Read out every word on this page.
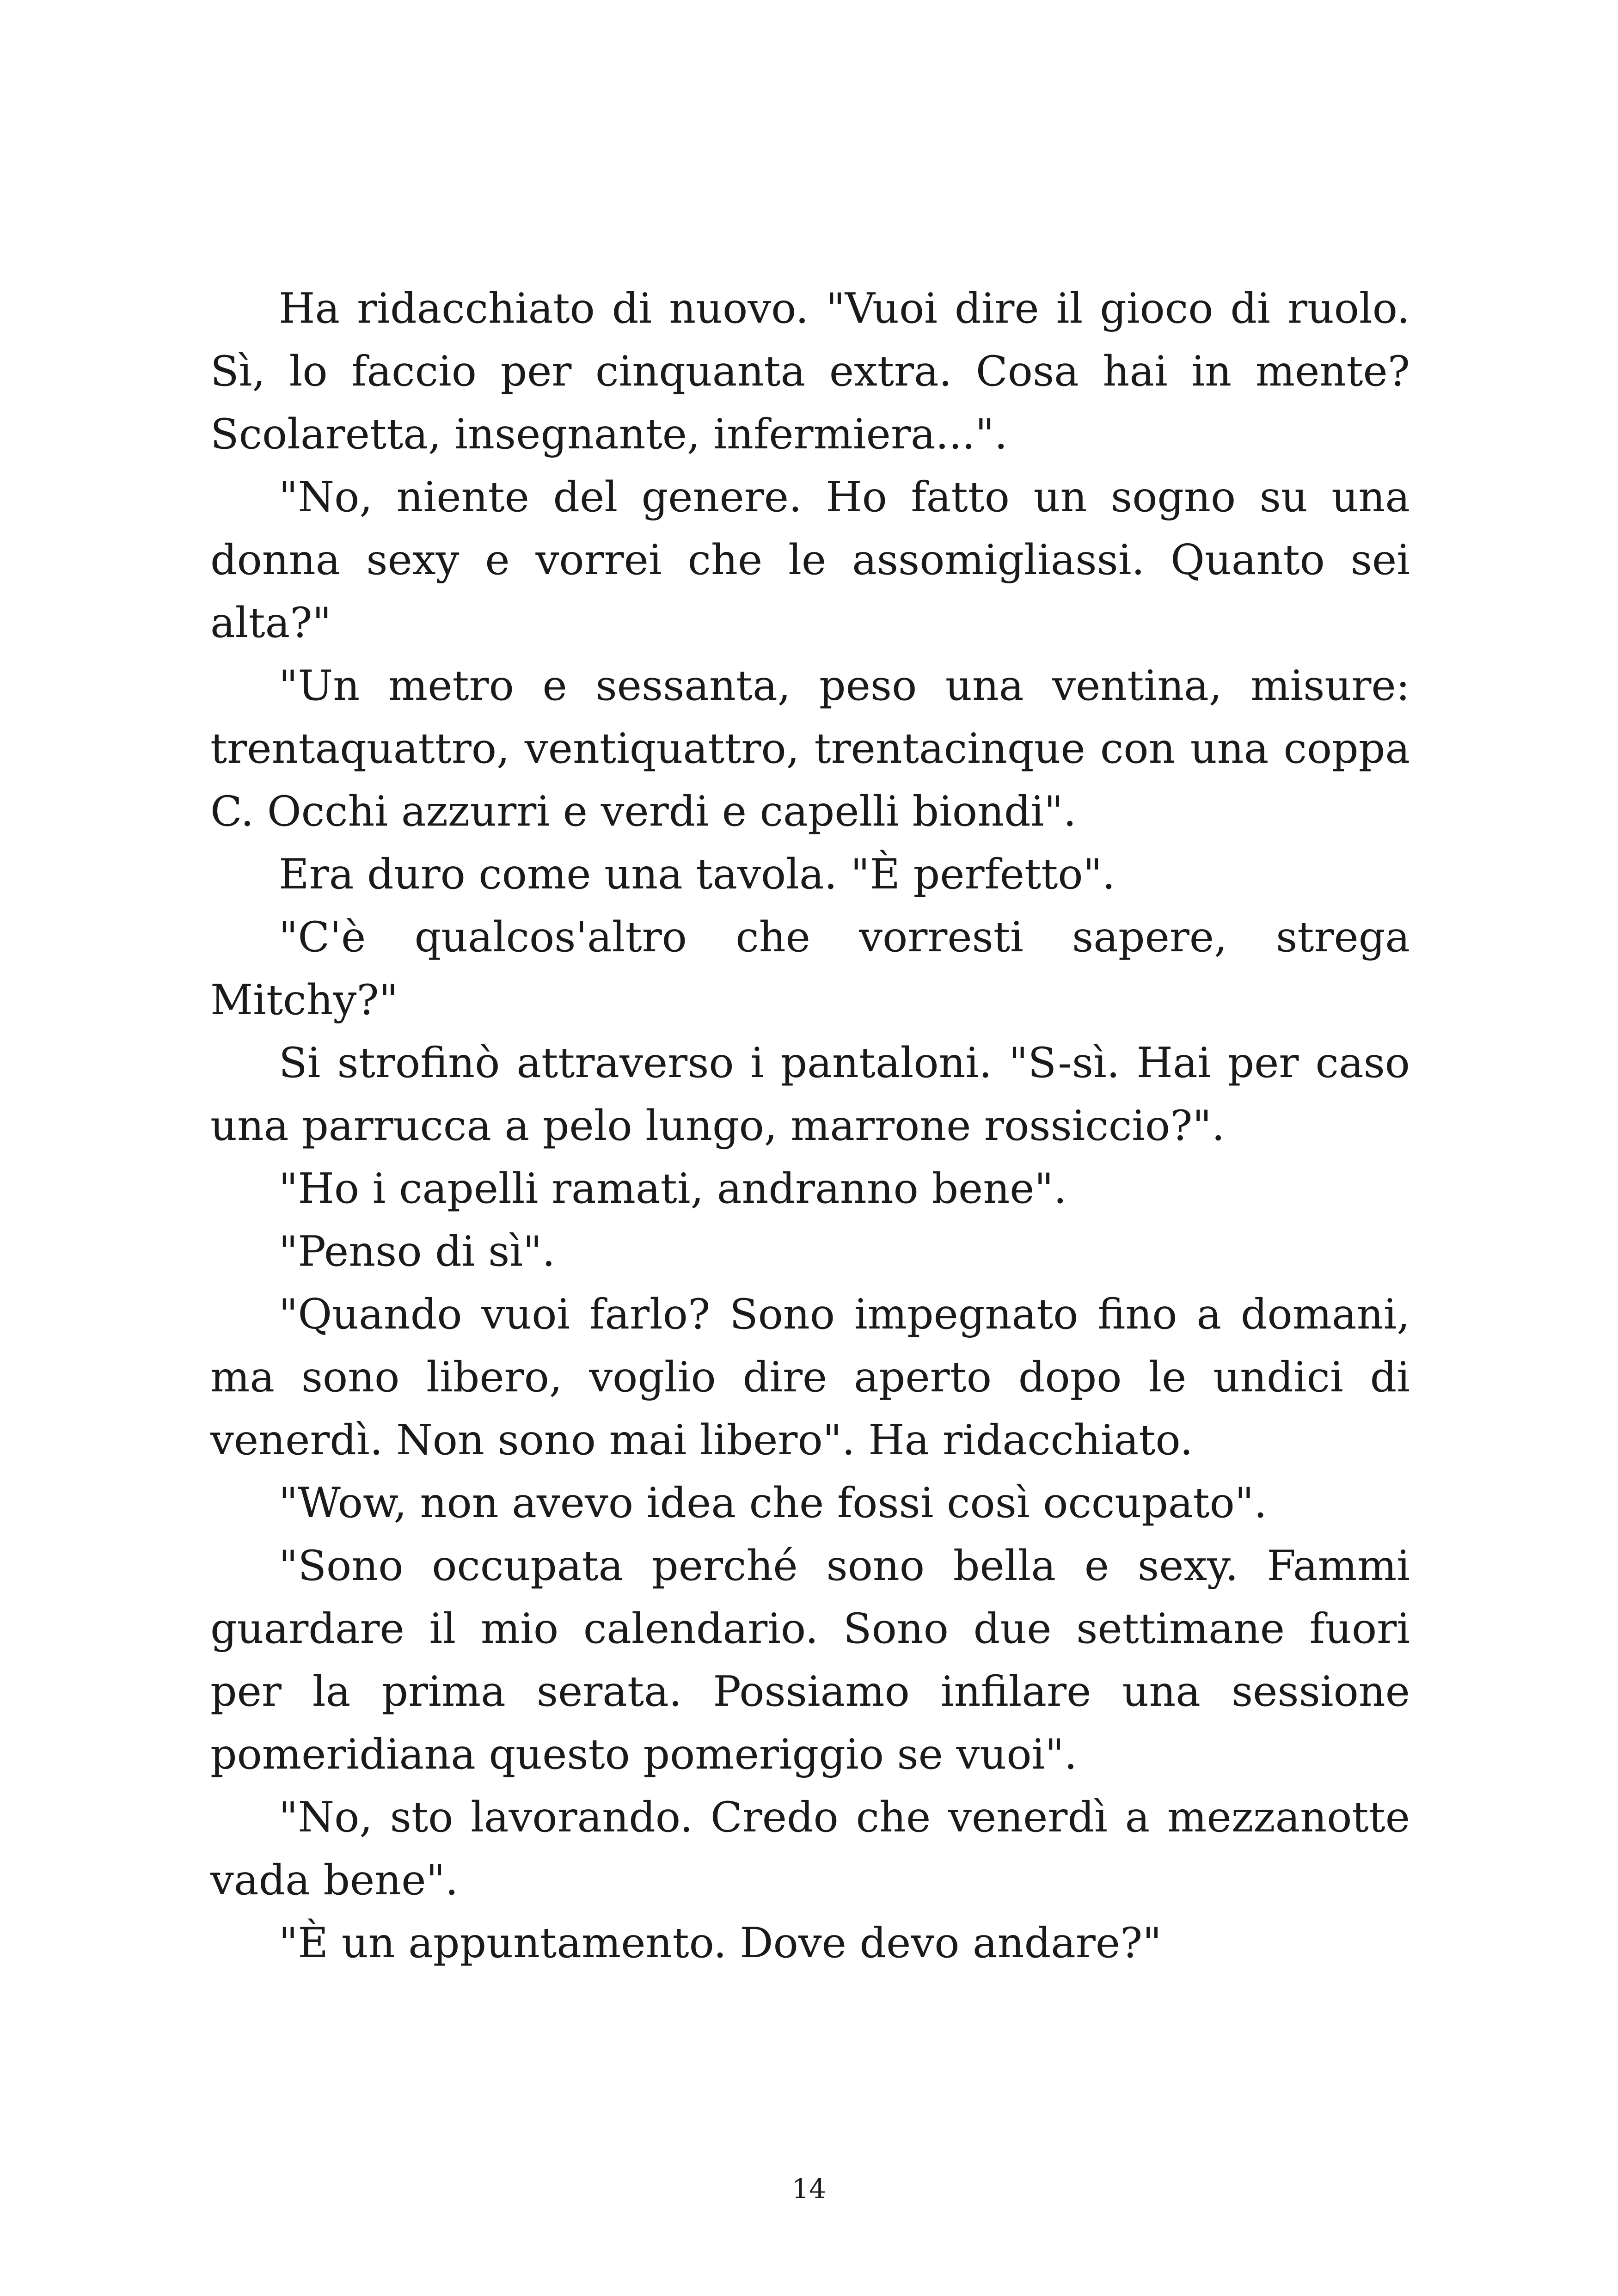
Ha ridacchiato di nuovo. "Vuoi dire il gioco di ruolo. Sì, lo faccio per cinquanta extra. Cosa hai in mente? Scolaretta, insegnante, infermiera...".

"No, niente del genere. Ho fatto un sogno su una donna sexy e vorrei che le assomigliassi. Quanto sei alta?"

"Un metro e sessanta, peso una ventina, misure: trentaquattro, ventiquattro, trentacinque con una coppa C. Occhi azzurri e verdi e capelli biondi".

Era duro come una tavola. "È perfetto".

"C'è qualcos'altro che vorresti sapere, strega Mitchy?"

Si strofinò attraverso i pantaloni. "S-sì. Hai per caso una parrucca a pelo lungo, marrone rossiccio?".

"Ho i capelli ramati, andranno bene".

"Penso di sì".

"Quando vuoi farlo? Sono impegnato fino a domani, ma sono libero, voglio dire aperto dopo le undici di venerdì. Non sono mai libero". Ha ridacchiato.

"Wow, non avevo idea che fossi così occupato".

"Sono occupata perché sono bella e sexy. Fammi guardare il mio calendario. Sono due settimane fuori per la prima serata. Possiamo infilare una sessione pomeridiana questo pomeriggio se vuoi".

"No, sto lavorando. Credo che venerdì a mezzanotte vada bene".

"È un appuntamento. Dove devo andare?"

14
